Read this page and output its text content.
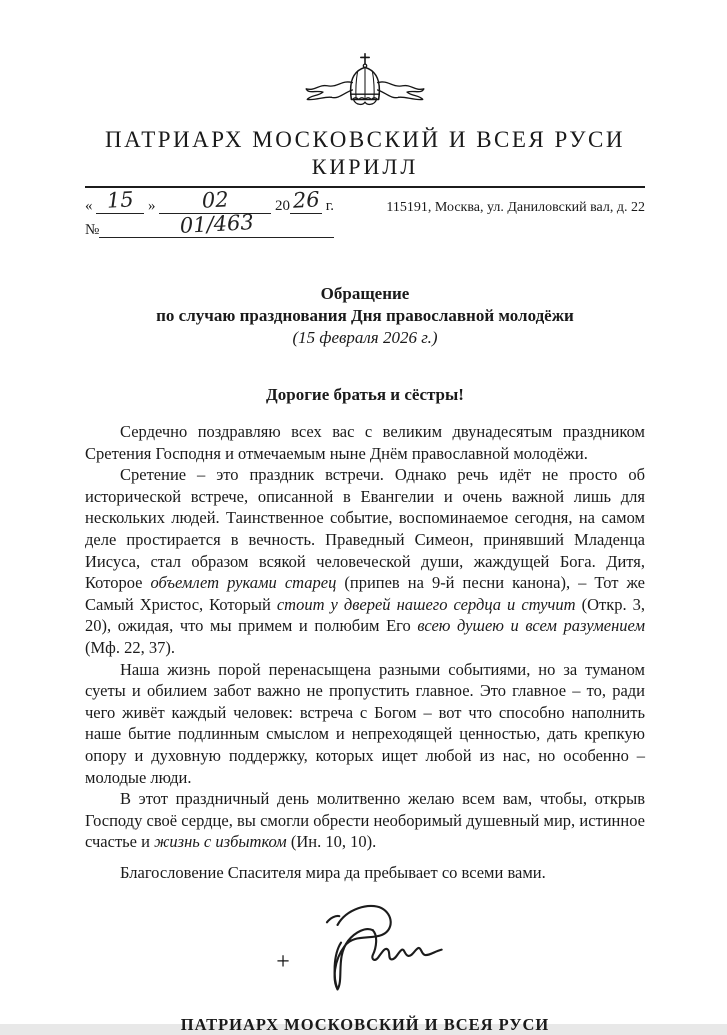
ПАТРИАРХ МОСКОВСКИЙ И ВСЕЯ РУСИ
КИРИЛЛ
« 15 » 02	2026 г.	115191, Москва, ул. Даниловский вал, д. 22
№	01/463
Обращение
по случаю празднования Дня православной молодёжи
(15 февраля 2026 г.)
Дорогие братья и сёстры!

Сердечно поздравляю всех вас с великим двунадесятым праздником Сретения Господня и отмечаемым ныне Днём православной молодёжи.

Сретение – это праздник встречи. Однако речь идёт не просто об исторической встрече, описанной в Евангелии и очень важной лишь для нескольких людей. Таинственное событие, воспоминаемое сегодня, на самом деле простирается в вечность. Праведный Симеон, принявший Младенца Иисуса, стал образом всякой человеческой души, жаждущей Бога. Дитя, Которое объемлет руками старец (припев на 9-й песни канона), – Тот же Самый Христос, Который стоит у дверей нашего сердца и стучит (Откр. 3, 20), ожидая, что мы примем и полюбим Его всею душею и всем разумением (Мф. 22, 37).

Наша жизнь порой перенасыщена разными событиями, но за туманом суеты и обилием забот важно не пропустить главное. Это главное – то, ради чего живёт каждый человек: встреча с Богом – вот что способно наполнить наше бытие подлинным смыслом и непреходящей ценностью, дать крепкую опору и духовную поддержку, которых ищет любой из нас, но особенно – молодые люди.

В этот праздничный день молитвенно желаю всем вам, чтобы, открыв Господу своё сердце, вы смогли обрести необоримый душевный мир, истинное счастье и жизнь с избытком (Ин. 10, 10).

Благословение Спасителя мира да пребывает со всеми вами.

+
ПАТРИАРХ МОСКОВСКИЙ И ВСЕЯ РУСИ
